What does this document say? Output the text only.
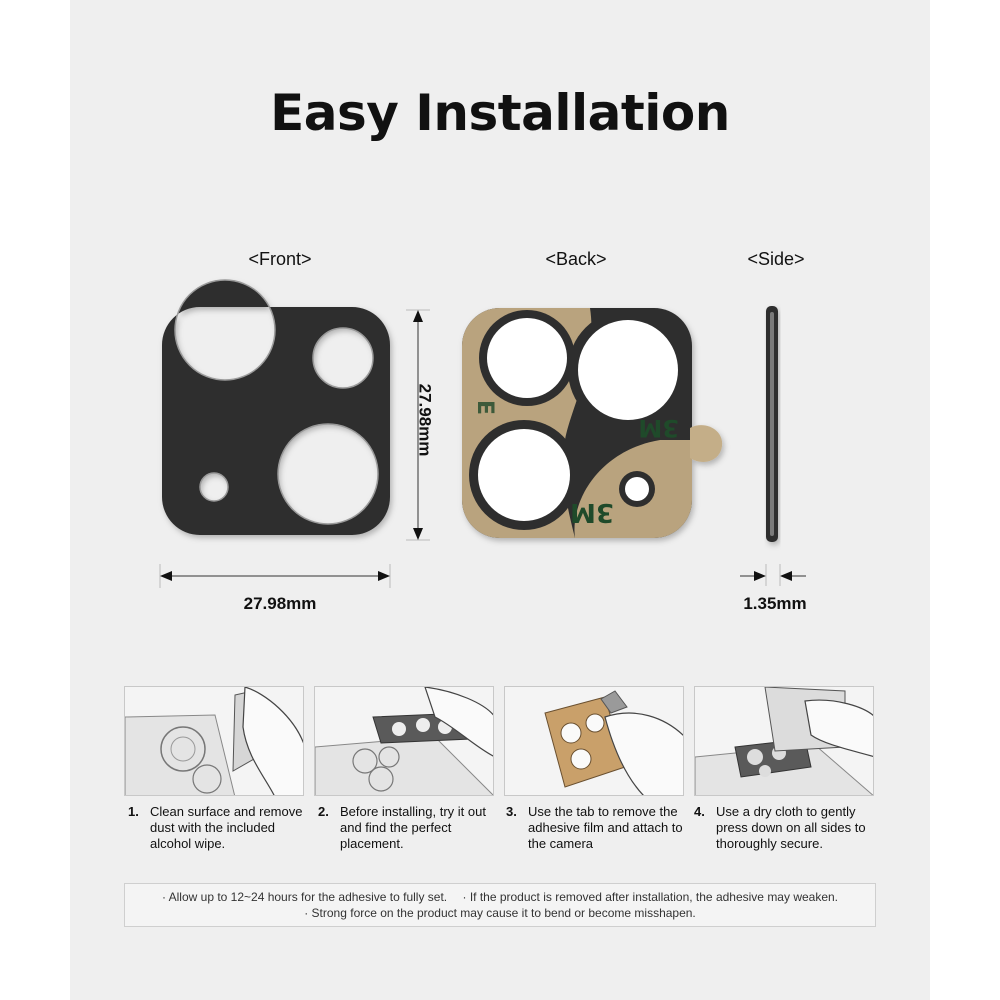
Easy Installation
<Front>	<Back>	<Side>
3M
3M
E
27.98mm
27.98mm	1.35mm
1. Clean surface and remove dust with the included alcohol wipe.
2. Before installing, try it out and find the perfect placement.
3. Use the tab to remove the adhesive film and attach to the camera
4. Use a dry cloth to gently press down on all sides to thoroughly secure.
· Allow up to 12~24 hours for the adhesive to fully set. · If the product is removed after installation, the adhesive may weaken.
· Strong force on the product may cause it to bend or become misshapen.
